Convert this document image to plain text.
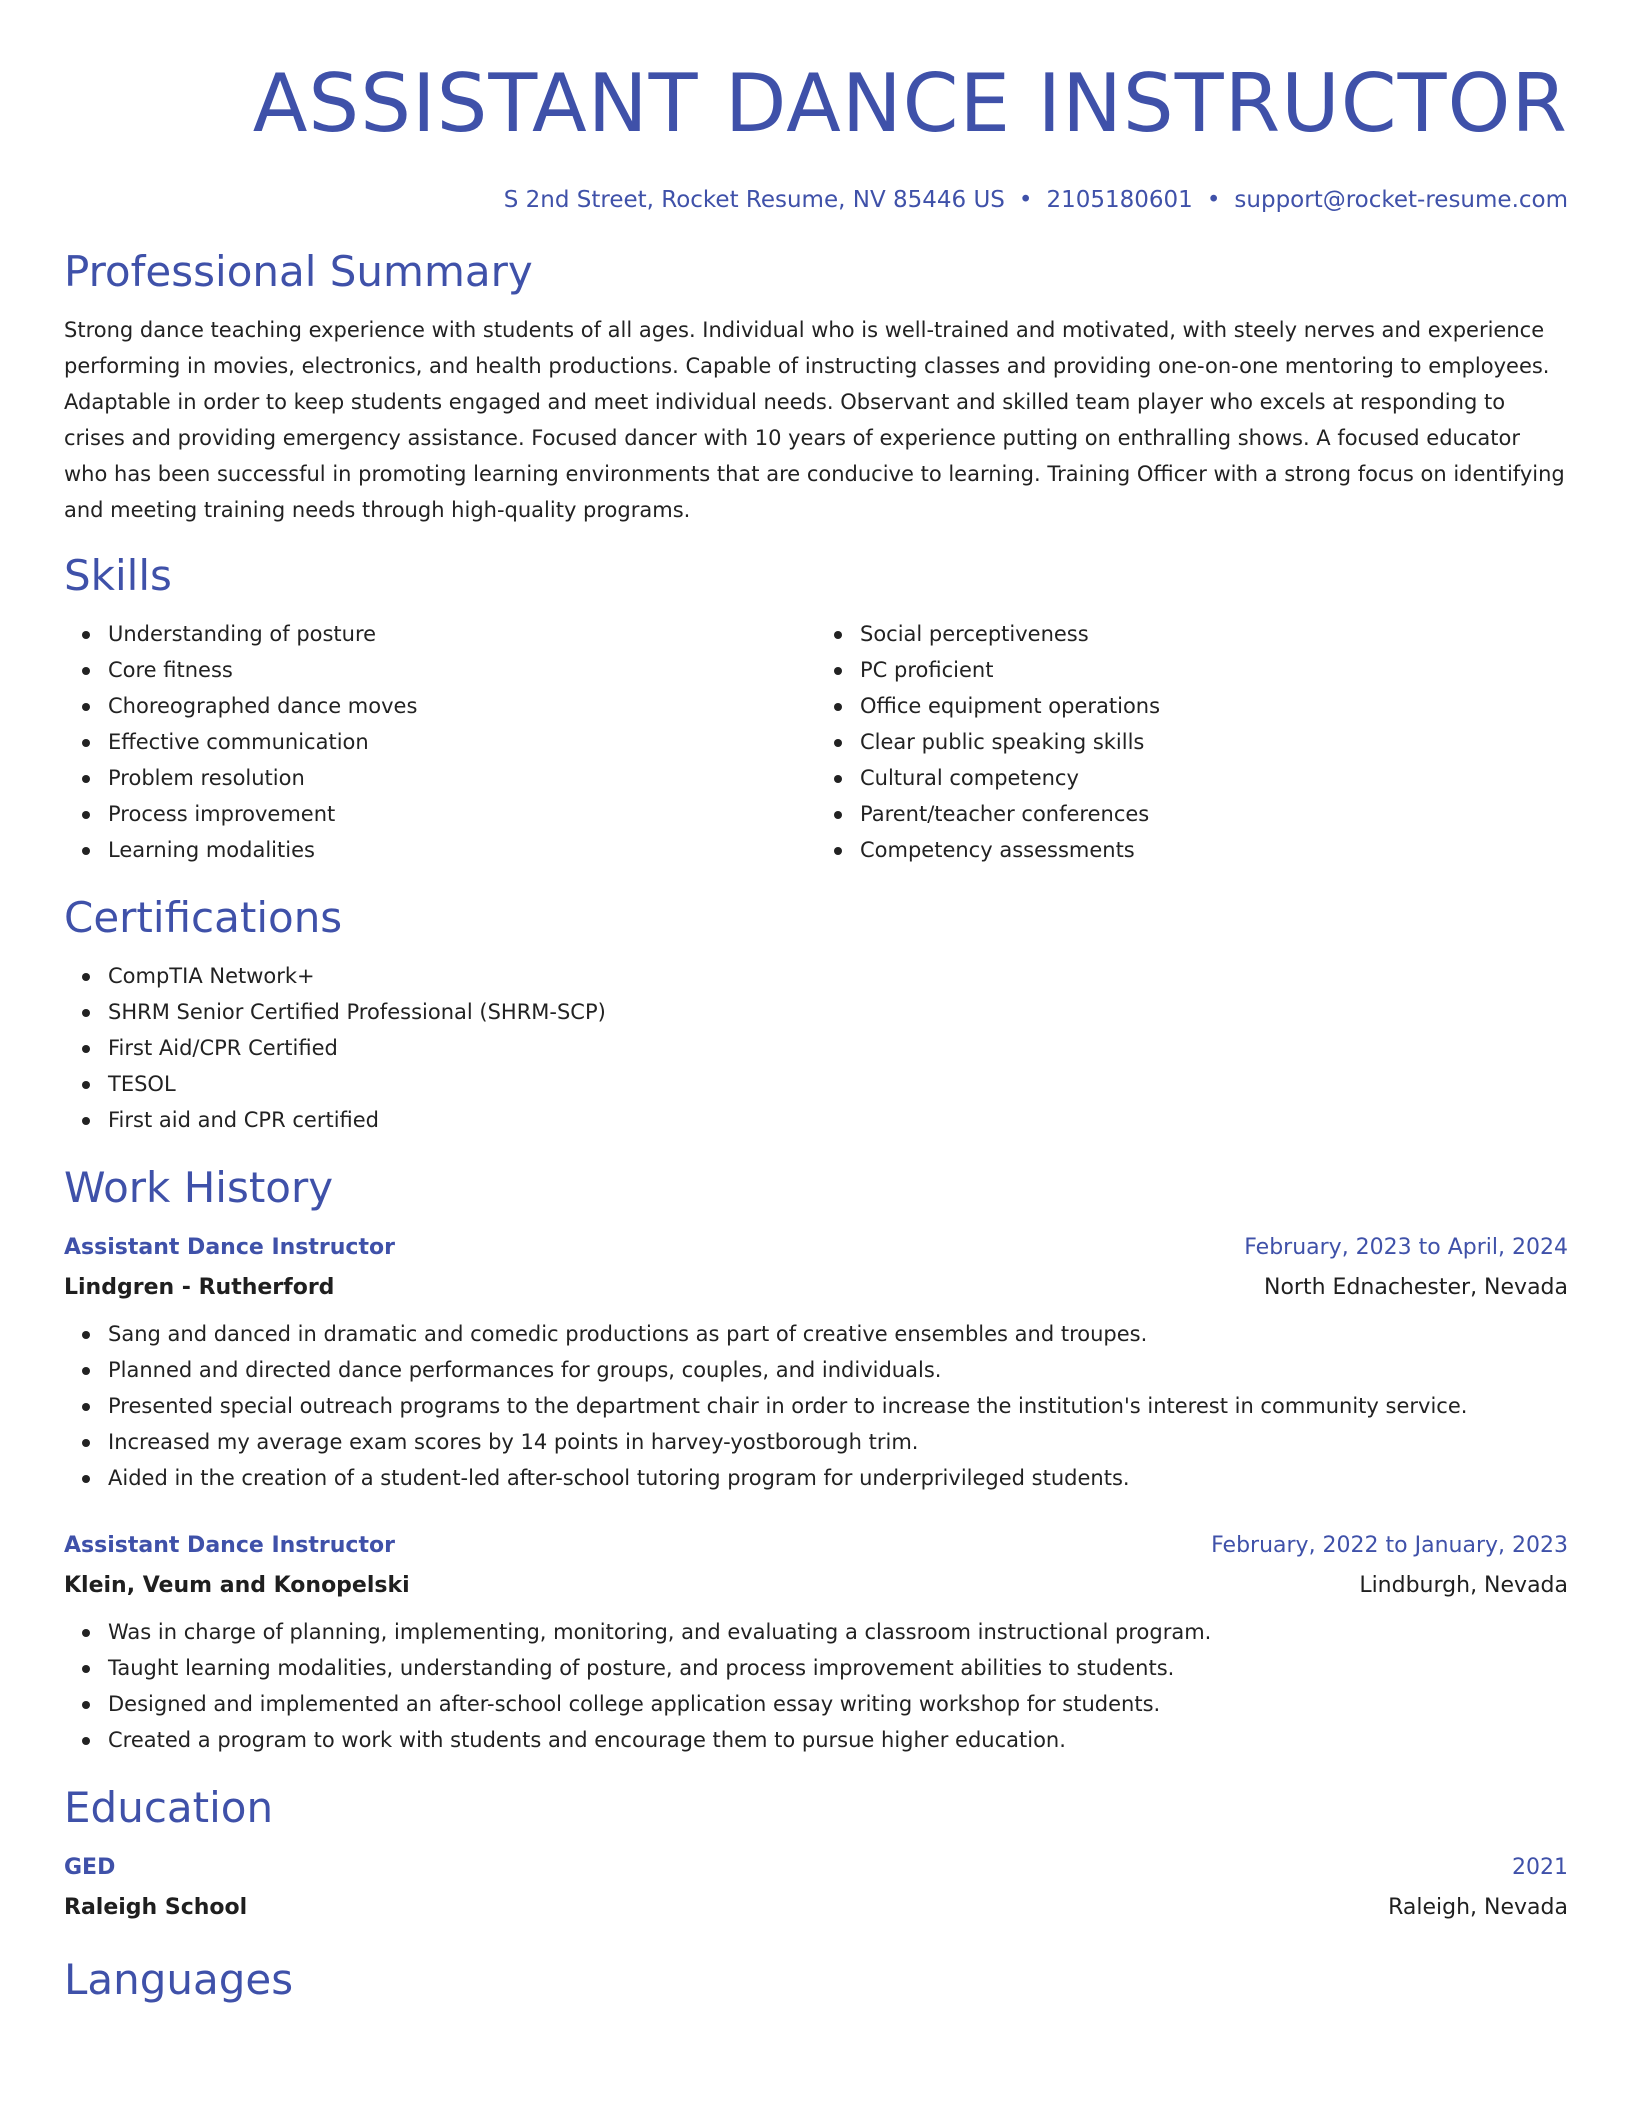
ASSISTANT DANCE INSTRUCTOR
S 2nd Street, Rocket Resume, NV 85446 US • 2105180601 • support@rocket-resume.com
Professional Summary

Strong dance teaching experience with students of all ages. Individual who is well-trained and motivated, with steely nerves and experience performing in movies, electronics, and health productions. Capable of instructing classes and providing one-on-one mentoring to employees. Adaptable in order to keep students engaged and meet individual needs. Observant and skilled team player who excels at responding to crises and providing emergency assistance. Focused dancer with 10 years of experience putting on enthralling shows. A focused educator who has been successful in promoting learning environments that are conducive to learning. Training Officer with a strong focus on identifying and meeting training needs through high-quality programs.

Skills
Understanding of posture
Core fitness
Choreographed dance moves
Effective communication
Problem resolution
Process improvement
Learning modalities
Social perceptiveness
PC proficient
Office equipment operations
Clear public speaking skills
Cultural competency
Parent/teacher conferences
Competency assessments
Certifications
CompTIA Network+
SHRM Senior Certified Professional (SHRM-SCP)
First Aid/CPR Certified
TESOL
First aid and CPR certified
Work History
Assistant Dance Instructor	February, 2023 to April, 2024
Lindgren - Rutherford	North Ednachester, Nevada
Sang and danced in dramatic and comedic productions as part of creative ensembles and troupes.
Planned and directed dance performances for groups, couples, and individuals.
Presented special outreach programs to the department chair in order to increase the institution's interest in community service.
Increased my average exam scores by 14 points in harvey-yostborough trim.
Aided in the creation of a student-led after-school tutoring program for underprivileged students.
Assistant Dance Instructor	February, 2022 to January, 2023
Klein, Veum and Konopelski	Lindburgh, Nevada
Was in charge of planning, implementing, monitoring, and evaluating a classroom instructional program.
Taught learning modalities, understanding of posture, and process improvement abilities to students.
Designed and implemented an after-school college application essay writing workshop for students.
Created a program to work with students and encourage them to pursue higher education.
Education
GED	2021
Raleigh School	Raleigh, Nevada
Languages
